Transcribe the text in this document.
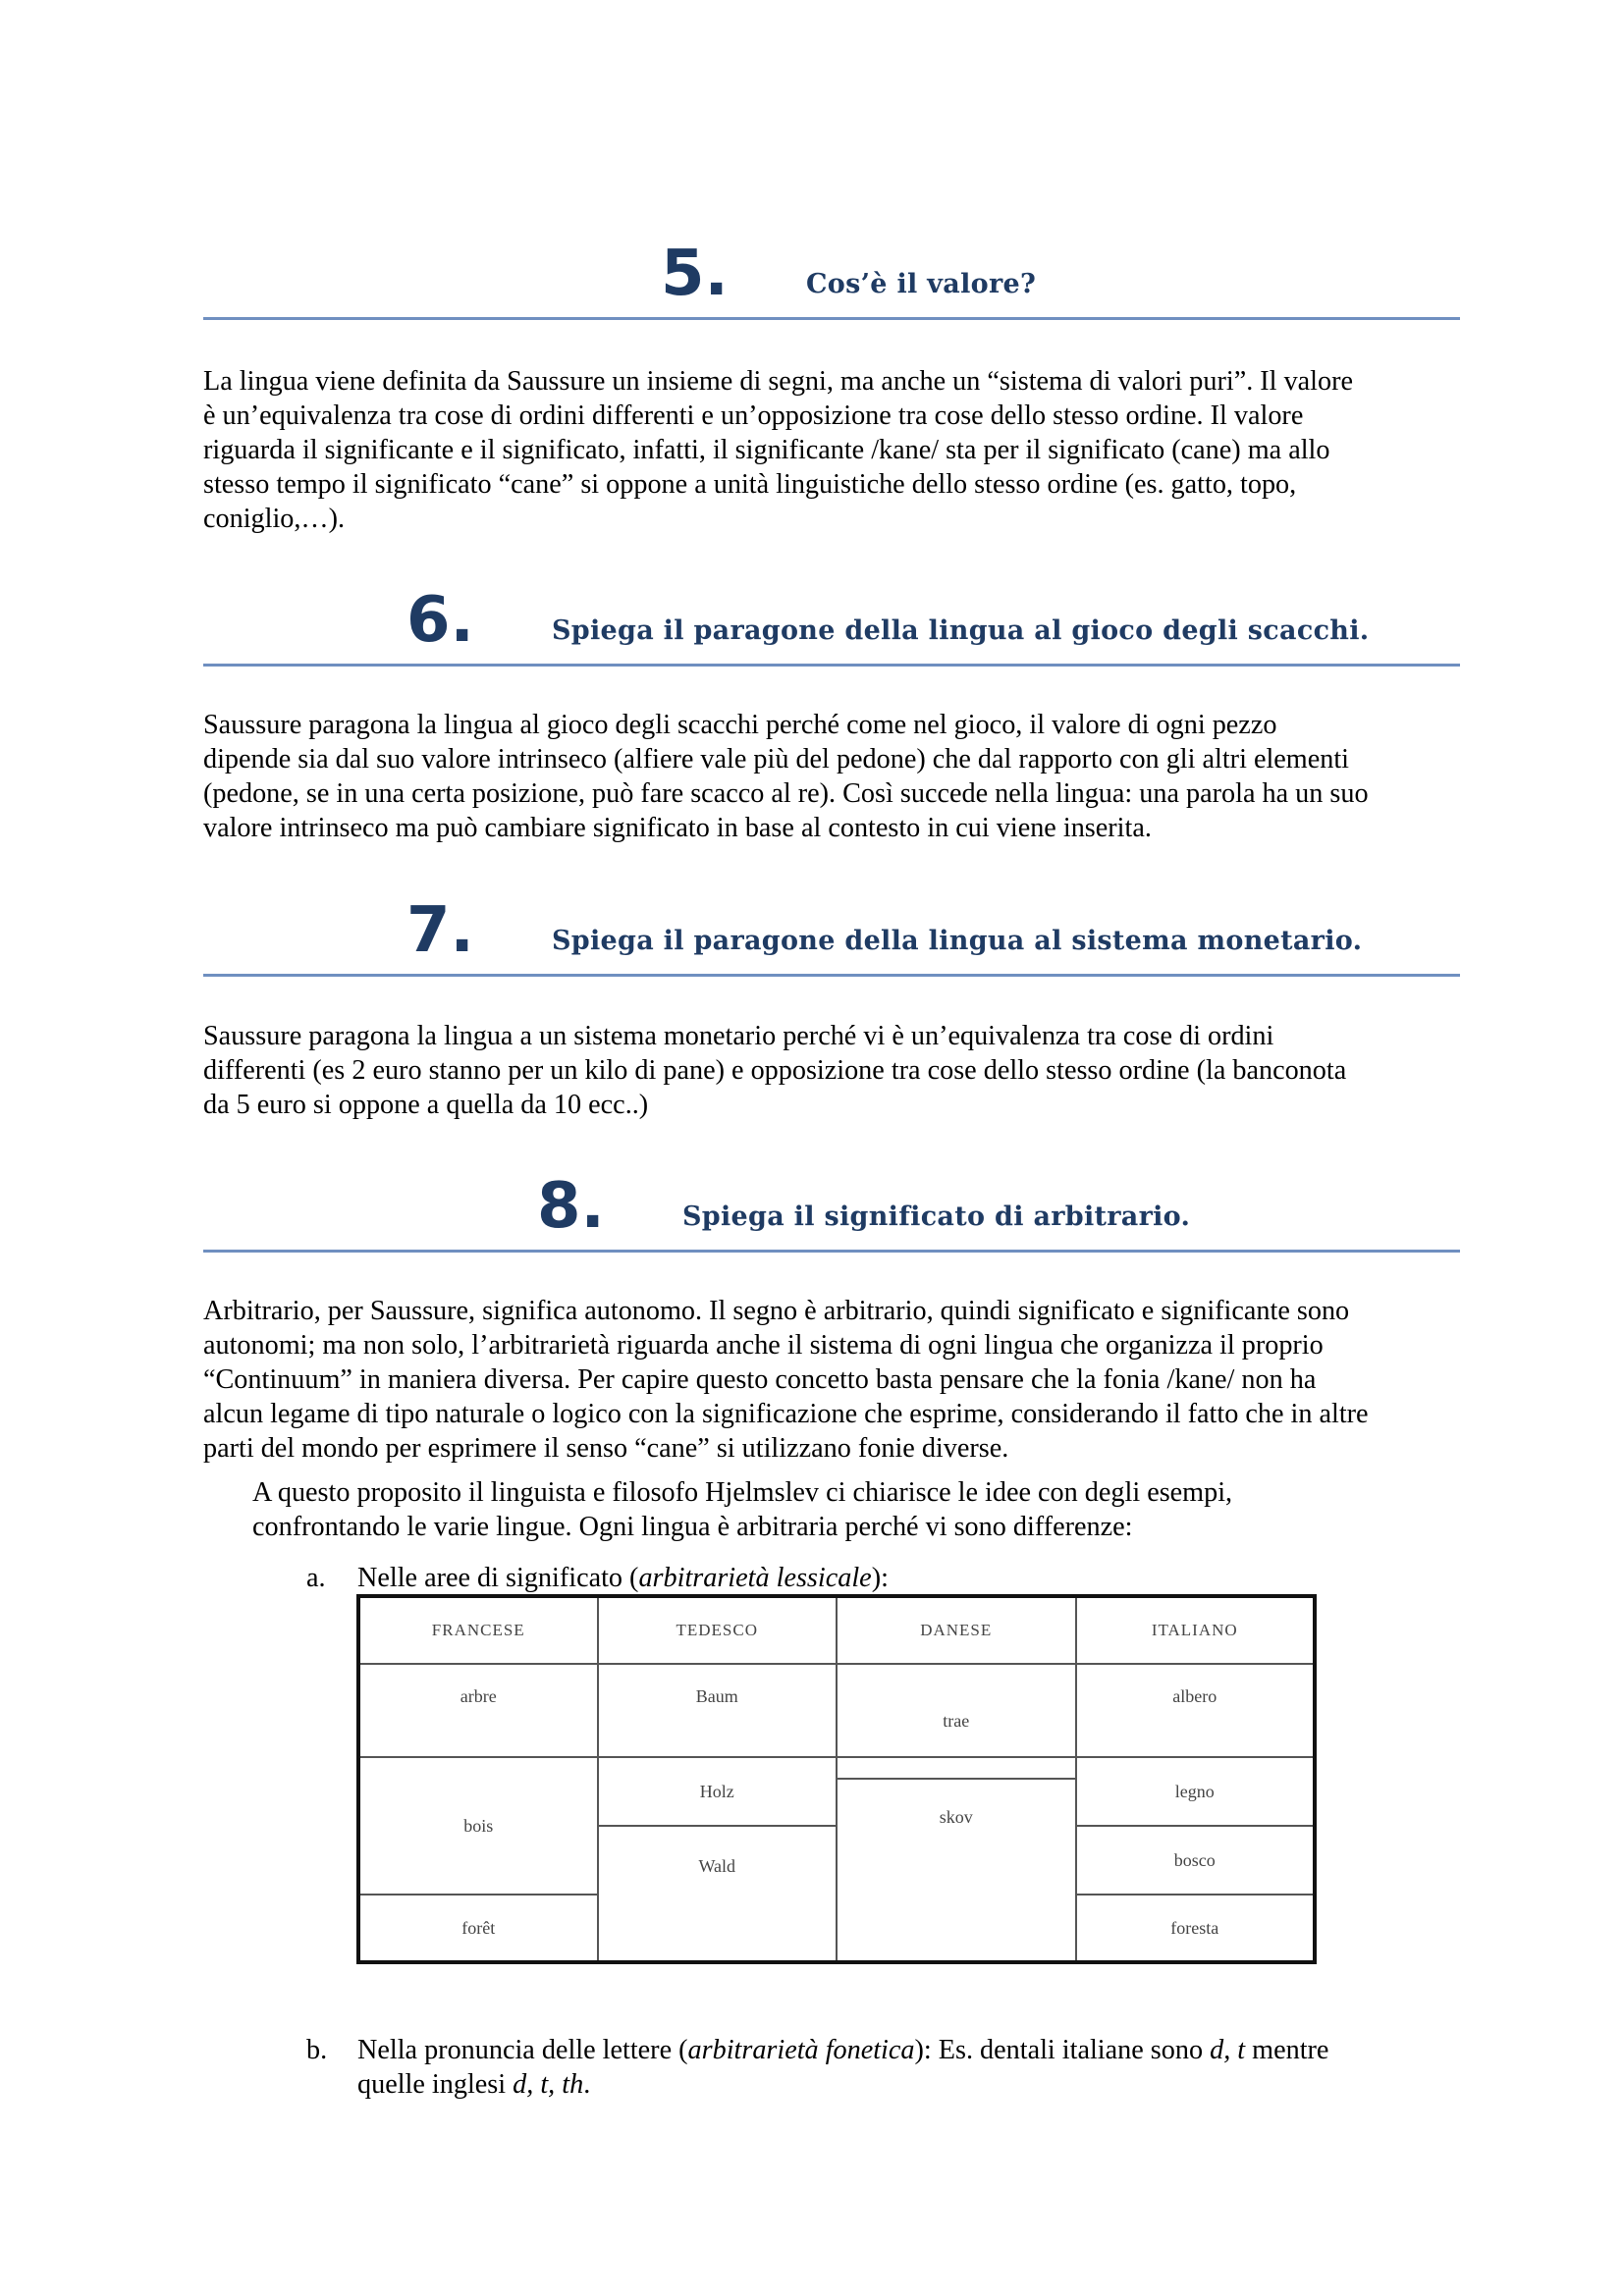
5.	Cos’è il valore?

La lingua viene definita da Saussure un insieme di segni, ma anche un “sistema di valori puri”. Il valore

è un’equivalenza tra cose di ordini differenti e un’opposizione tra cose dello stesso ordine. Il valore

riguarda il significante e il significato, infatti, il significante /kane/ sta per il significato (cane) ma allo

stesso tempo il significato “cane” si oppone a unità linguistiche dello stesso ordine (es. gatto, topo,

coniglio,…).

6.	Spiega il paragone della lingua al gioco degli scacchi.

Saussure paragona la lingua al gioco degli scacchi perché come nel gioco, il valore di ogni pezzo

dipende sia dal suo valore intrinseco (alfiere vale più del pedone) che dal rapporto con gli altri elementi

(pedone, se in una certa posizione, può fare scacco al re). Così succede nella lingua: una parola ha un suo

valore intrinseco ma può cambiare significato in base al contesto in cui viene inserita.

7.	Spiega il paragone della lingua al sistema monetario.

Saussure paragona la lingua a un sistema monetario perché vi è un’equivalenza tra cose di ordini

differenti (es 2 euro stanno per un kilo di pane) e opposizione tra cose dello stesso ordine (la banconota

da 5 euro si oppone a quella da 10 ecc..)

8.	Spiega il significato di arbitrario.

Arbitrario, per Saussure, significa autonomo. Il segno è arbitrario, quindi significato e significante sono

autonomi; ma non solo, l’arbitrarietà riguarda anche il sistema di ogni lingua che organizza il proprio

“Continuum” in maniera diversa. Per capire questo concetto basta pensare che la fonia /kane/ non ha

alcun legame di tipo naturale o logico con la significazione che esprime, considerando il fatto che in altre

parti del mondo per esprimere il senso “cane” si utilizzano fonie diverse.

A questo proposito il linguista e filosofo Hjelmslev ci chiarisce le idee con degli esempi,

confrontando le varie lingue. Ogni lingua è arbitraria perché vi sono differenze:

a. Nelle aree di significato (arbitrarietà lessicale):
FRANCESE	TEDESCO	DANESE	ITALIANO
arbre	Baum	trae	albero
bois	Holz	skov	legno
	Wald		bosco
forêt			foresta
b. Nella pronuncia delle lettere (arbitrarietà fonetica): Es. dentali italiane sono d, t mentre
quelle inglesi d, t, th.
